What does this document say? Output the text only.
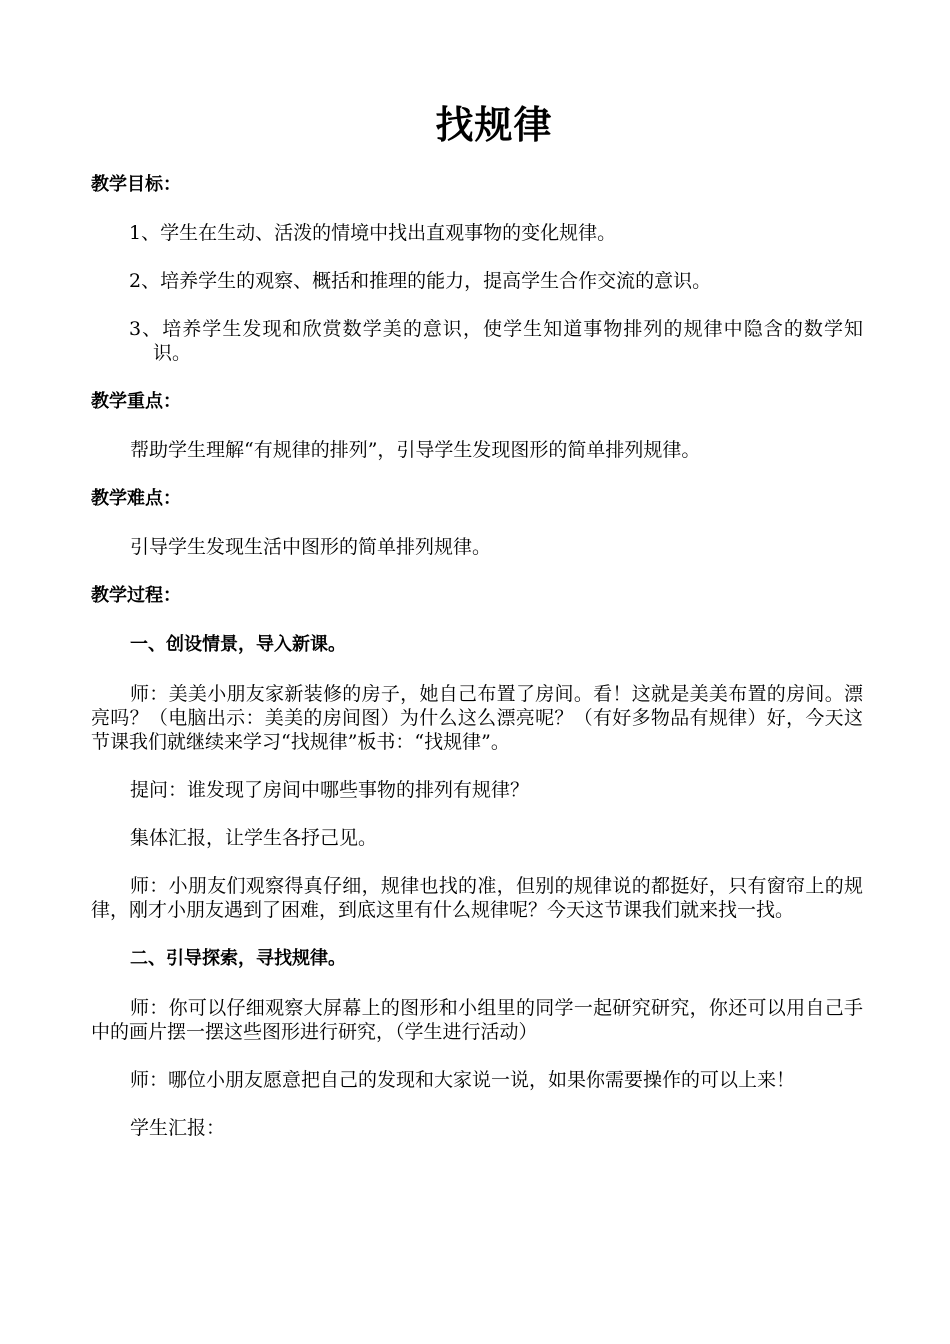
找规律
教学目标：
1、学生在生动、活泼的情境中找出直观事物的变化规律。
2、培养学生的观察、概括和推理的能力，提高学生合作交流的意识。
3、培养学生发现和欣赏数学美的意识，使学生知道事物排列的规律中隐含的数学知识。
教学重点：
帮助学生理解“有规律的排列”，引导学生发现图形的简单排列规律。
教学难点：
引导学生发现生活中图形的简单排列规律。
教学过程：
一、创设情景，导入新课。
师：美美小朋友家新装修的房子，她自己布置了房间。看！这就是美美布置的房间。漂亮吗？（电脑出示：美美的房间图）为什么这么漂亮呢？（有好多物品有规律）好，今天这节课我们就继续来学习“找规律”板书：“找规律”。
提问：谁发现了房间中哪些事物的排列有规律？
集体汇报，让学生各抒己见。
师：小朋友们观察得真仔细，规律也找的准，但别的规律说的都挺好，只有窗帘上的规律，刚才小朋友遇到了困难，到底这里有什么规律呢？今天这节课我们就来找一找。
二、引导探索，寻找规律。
师：你可以仔细观察大屏幕上的图形和小组里的同学一起研究研究，你还可以用自己手中的画片摆一摆这些图形进行研究，（学生进行活动）
师：哪位小朋友愿意把自己的发现和大家说一说，如果你需要操作的可以上来！
学生汇报：
